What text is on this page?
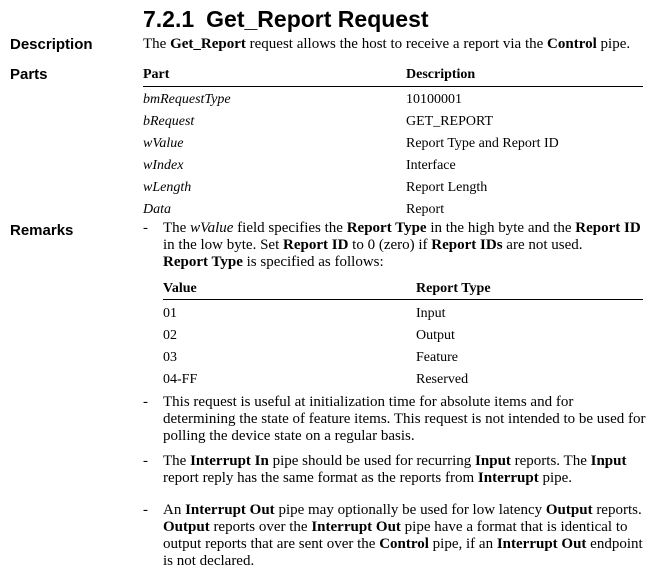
7.2.1 Get_Report Request
Description
Parts
Remarks
The Get_Report request allows the host to receive a report via the Control pipe.
Part	Description
bmRequestType	10100001
bRequest	GET_REPORT
wValue	Report Type and Report ID
wIndex	Interface
wLength	Report Length
Data	Report
- The wValue field specifies the Report Type in the high byte and the Report ID in the low byte. Set Report ID to 0 (zero) if Report IDs are not used.
Report Type is specified as follows:
Value	Report Type
01	Input
02	Output
03	Feature
04-FF	Reserved
- This request is useful at initialization time for absolute items and for determining the state of feature items. This request is not intended to be used for polling the device state on a regular basis.
- The Interrupt In pipe should be used for recurring Input reports. The Input report reply has the same format as the reports from Interrupt pipe.
- An Interrupt Out pipe may optionally be used for low latency Output reports. Output reports over the Interrupt Out pipe have a format that is identical to output reports that are sent over the Control pipe, if an Interrupt Out endpoint is not declared.
